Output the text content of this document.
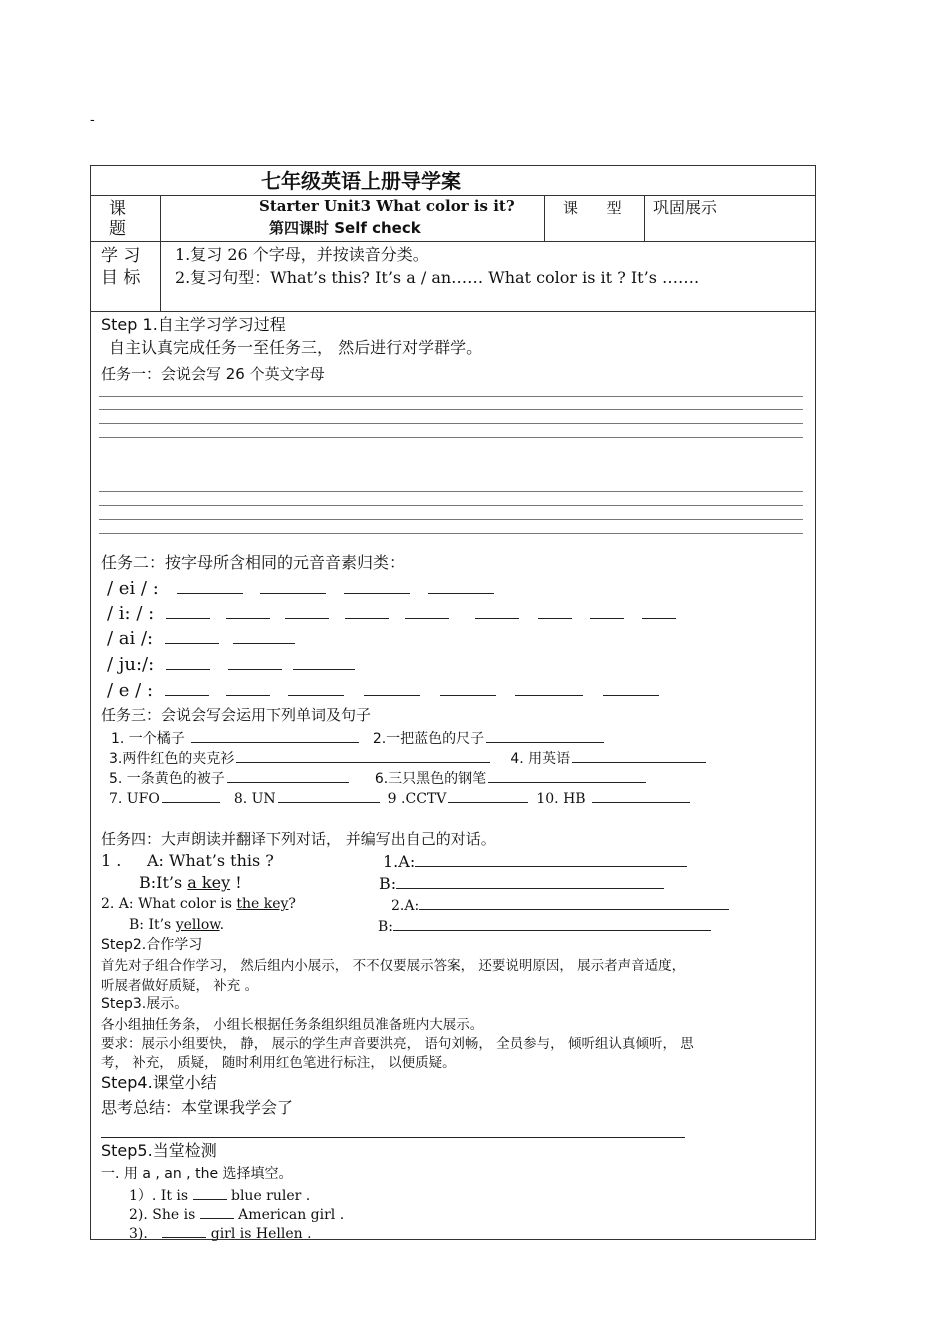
-
七年级英语上册导学案
课
题
Starter Unit3 What color is it?
第四课时 Self check
课      型 巩固展示
学 习
目 标
1.复习 26 个字母，并按读音分类。
2.复习句型：What’s this? It’s a / an…… What color is it ? It’s …….
Step 1.自主学习学习过程
自主认真完成任务一至任务三， 然后进行对学群学。
任务一：会说会写 26 个英文字母
任务二：按字母所含相同的元音音素归类：
/ ei / :
/ i: / :
/ ai /:
/ ju:/:
/ e / :
任务三：会说会写会运用下列单词及句子
1. 一个橘子	2.一把蓝色的尺子
3.两件红色的夹克衫	4. 用英语
5. 一条黄色的被子	6.三只黑色的钢笔
7. UFO	8. UN	9 .CCTV	10. HB
任务四：大声朗读并翻译下列对话， 并编写出自己的对话。
1 . A: What’s this ?	1.A:
B:It’s a key !	B:
2. A: What color is the key?	2.A:
B: It’s yellow.	B:
Step2.合作学习
首先对子组合作学习， 然后组内小展示， 不不仅要展示答案， 还要说明原因， 展示者声音适度，
听展者做好质疑， 补充 。
Step3.展示。
各小组抽任务条， 小组长根据任务条组织组员准备班内大展示。
要求：展示小组要快， 静， 展示的学生声音要洪亮， 语句刘畅， 全员参与， 倾听组认真倾听， 思
考， 补充， 质疑， 随时利用红色笔进行标注， 以便质疑。
Step4.课堂小结
思考总结：本堂课我学会了
Step5.当堂检测
一. 用 a , an , the 选择填空。
1）. It is  blue ruler .
2). She is  American girl .
3).	girl is Hellen .
